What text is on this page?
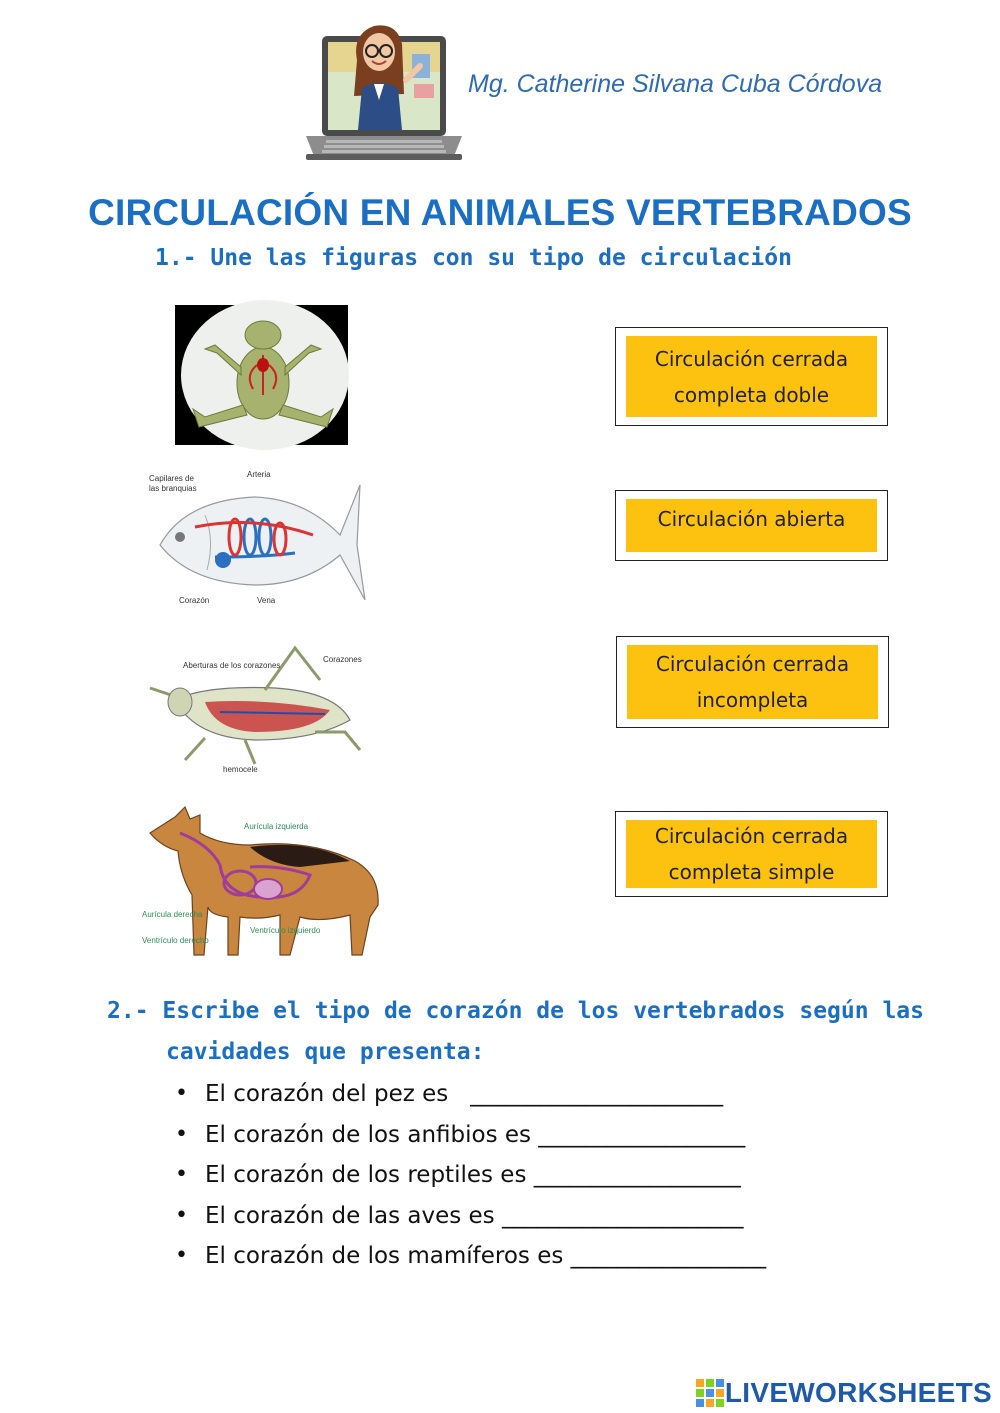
Mg. Catherine Silvana Cuba Córdova
CIRCULACIÓN EN ANIMALES VERTEBRADOS
1.- Une las figuras con su tipo de circulación
Capilares de
las branquias
Arteria
Corazón	Vena
Aberturas de los corazones
Corazones
hemocele
Aurícula izquierda
Aurícula derecha
Ventrículo derecho
Ventrículo izquierdo
Circulación cerrada
completa doble
Circulación abierta
Circulación cerrada
incompleta
Circulación cerrada
completa simple
2.- Escribe el tipo de corazón de los vertebrados según las
cavidades que presenta:
• El corazón del pez es   ______________________
• El corazón de los anfibios es __________________
• El corazón de los reptiles es __________________
• El corazón de las aves es _____________________
• El corazón de los mamíferos es _________________
LIVEWORKSHEETS
